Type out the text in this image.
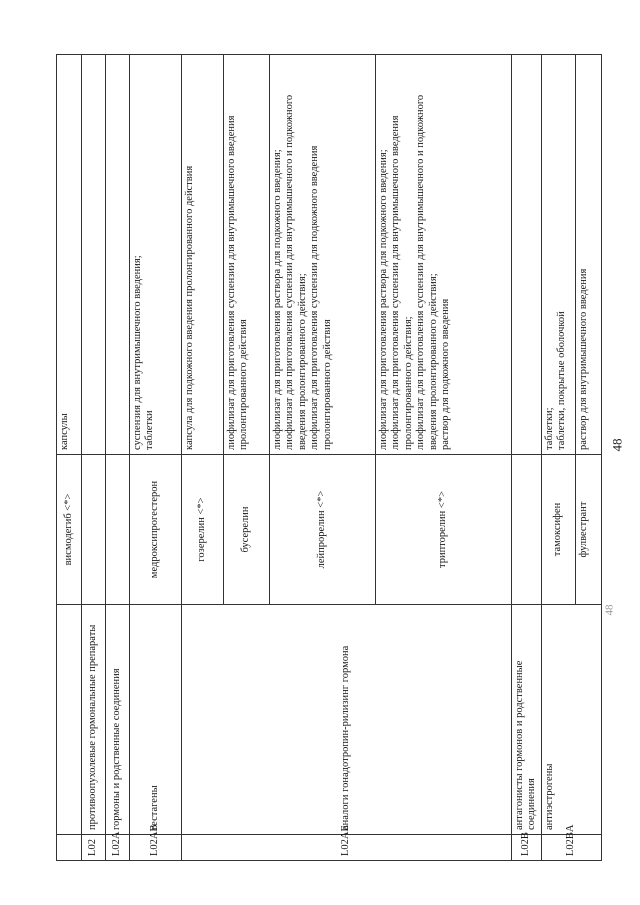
		висмодегиб <*>	капсулы
L02	противоопухолевые гормональные препараты		
L02A	гормоны и родственные соединения		
L02AB	гестагены	медроксипрогестерон	суспензия для внутримышечного введения;
таблетки
L02AE	аналоги гонадотропин-рилизинг гормона	гозерелин <*>	капсула для подкожного введения пролонгированного действия
		бусерелин	лиофилизат для приготовления суспензии для внутримышечного введения пролонгированного действия
		лейпрорелин <*>	лиофилизат для приготовления раствора для подкожного введения;
лиофилизат для приготовления суспензии для внутримышечного и подкожного введения пролонгированного действия;
лиофилизат для приготовления суспензии для подкожного введения пролонгированного действия
		трипторелин <*>	лиофилизат для приготовления раствора для подкожного введения;
лиофилизат для приготовления суспензии для внутримышечного введения пролонгированного действия;
лиофилизат для приготовления суспензии для внутримышечного и подкожного введения пролонгированного действия;
раствор для подкожного введения
L02B	антагонисты гормонов и родственные соединения		
L02BA	антиэстрогены	тамоксифен	таблетки;
таблетки, покрытые оболочкой
		фулвестрант	раствор для внутримышечного введения 48
48
